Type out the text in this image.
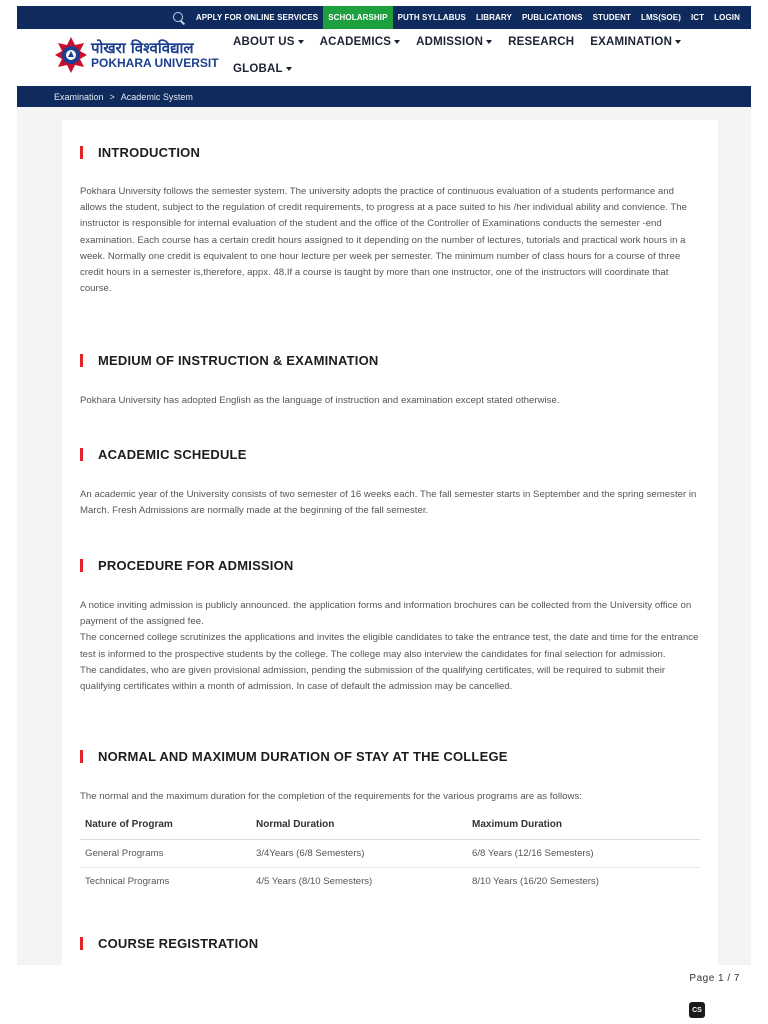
APPLY FOR ONLINE SERVICES	SCHOLARSHIP	PUTH SYLLABUS	LIBRARY	PUBLICATIONS	STUDENT	LMS(SOE)	ICT	LOGIN
पोखरा विश्वविद्याल
POKHARA UNIVERSIT
ABOUT US ACADEMICS ADMISSION RESEARCH EXAMINATION
GLOBAL
Examination > Academic System
INTRODUCTION

Pokhara University follows the semester system. The university adopts the practice of continuous evaluation of a students performance and allows the student, subject to the regulation of credit requirements, to progress at a pace suited to his /her individual ability and convience. The instructor is responsible for internal evaluation of the student and the office of the Controller of Examinations conducts the semester -end examination. Each course has a certain credit hours assigned to it depending on the number of lectures, tutorials and practical work hours in a week. Normally one credit is equivalent to one hour lecture per week per semester. The minimum number of class hours for a course of three credit hours in a semester is,therefore, appx. 48.If a course is taught by more than one instructor, one of the instructors will coordinate that course.

MEDIUM OF INSTRUCTION & EXAMINATION

Pokhara University has adopted English as the language of instruction and examination except stated otherwise.

ACADEMIC SCHEDULE

An academic year of the University consists of two semester of 16 weeks each. The fall semester starts in September and the spring semester in March. Fresh Admissions are normally made at the beginning of the fall semester.

PROCEDURE FOR ADMISSION

A notice inviting admission is publicly announced. the application forms and information brochures can be collected from the University office on payment of the assigned fee.

The concerned college scrutinizes the applications and invites the eligible candidates to take the entrance test, the date and time for the entrance test is informed to the prospective students by the college. The college may also interview the candidates for final selection for admission.

The candidates, who are given provisional admission, pending the submission of the qualifying certificates, will be required to submit their qualifying certificates within a month of admission. In case of default the admission may be cancelled.

NORMAL AND MAXIMUM DURATION OF STAY AT THE COLLEGE

The normal and the maximum duration for the completion of the requirements for the various programs are as follows:

Nature of Program	Normal Duration	Maximum Duration
General Programs	3/4Years (6/8 Semesters)	6/8 Years (12/16 Semesters)
Technical Programs	4/5 Years (8/10 Semesters)	8/10 Years (16/20 Semesters)
COURSE REGISTRATION
Page 1 / 7
CS
